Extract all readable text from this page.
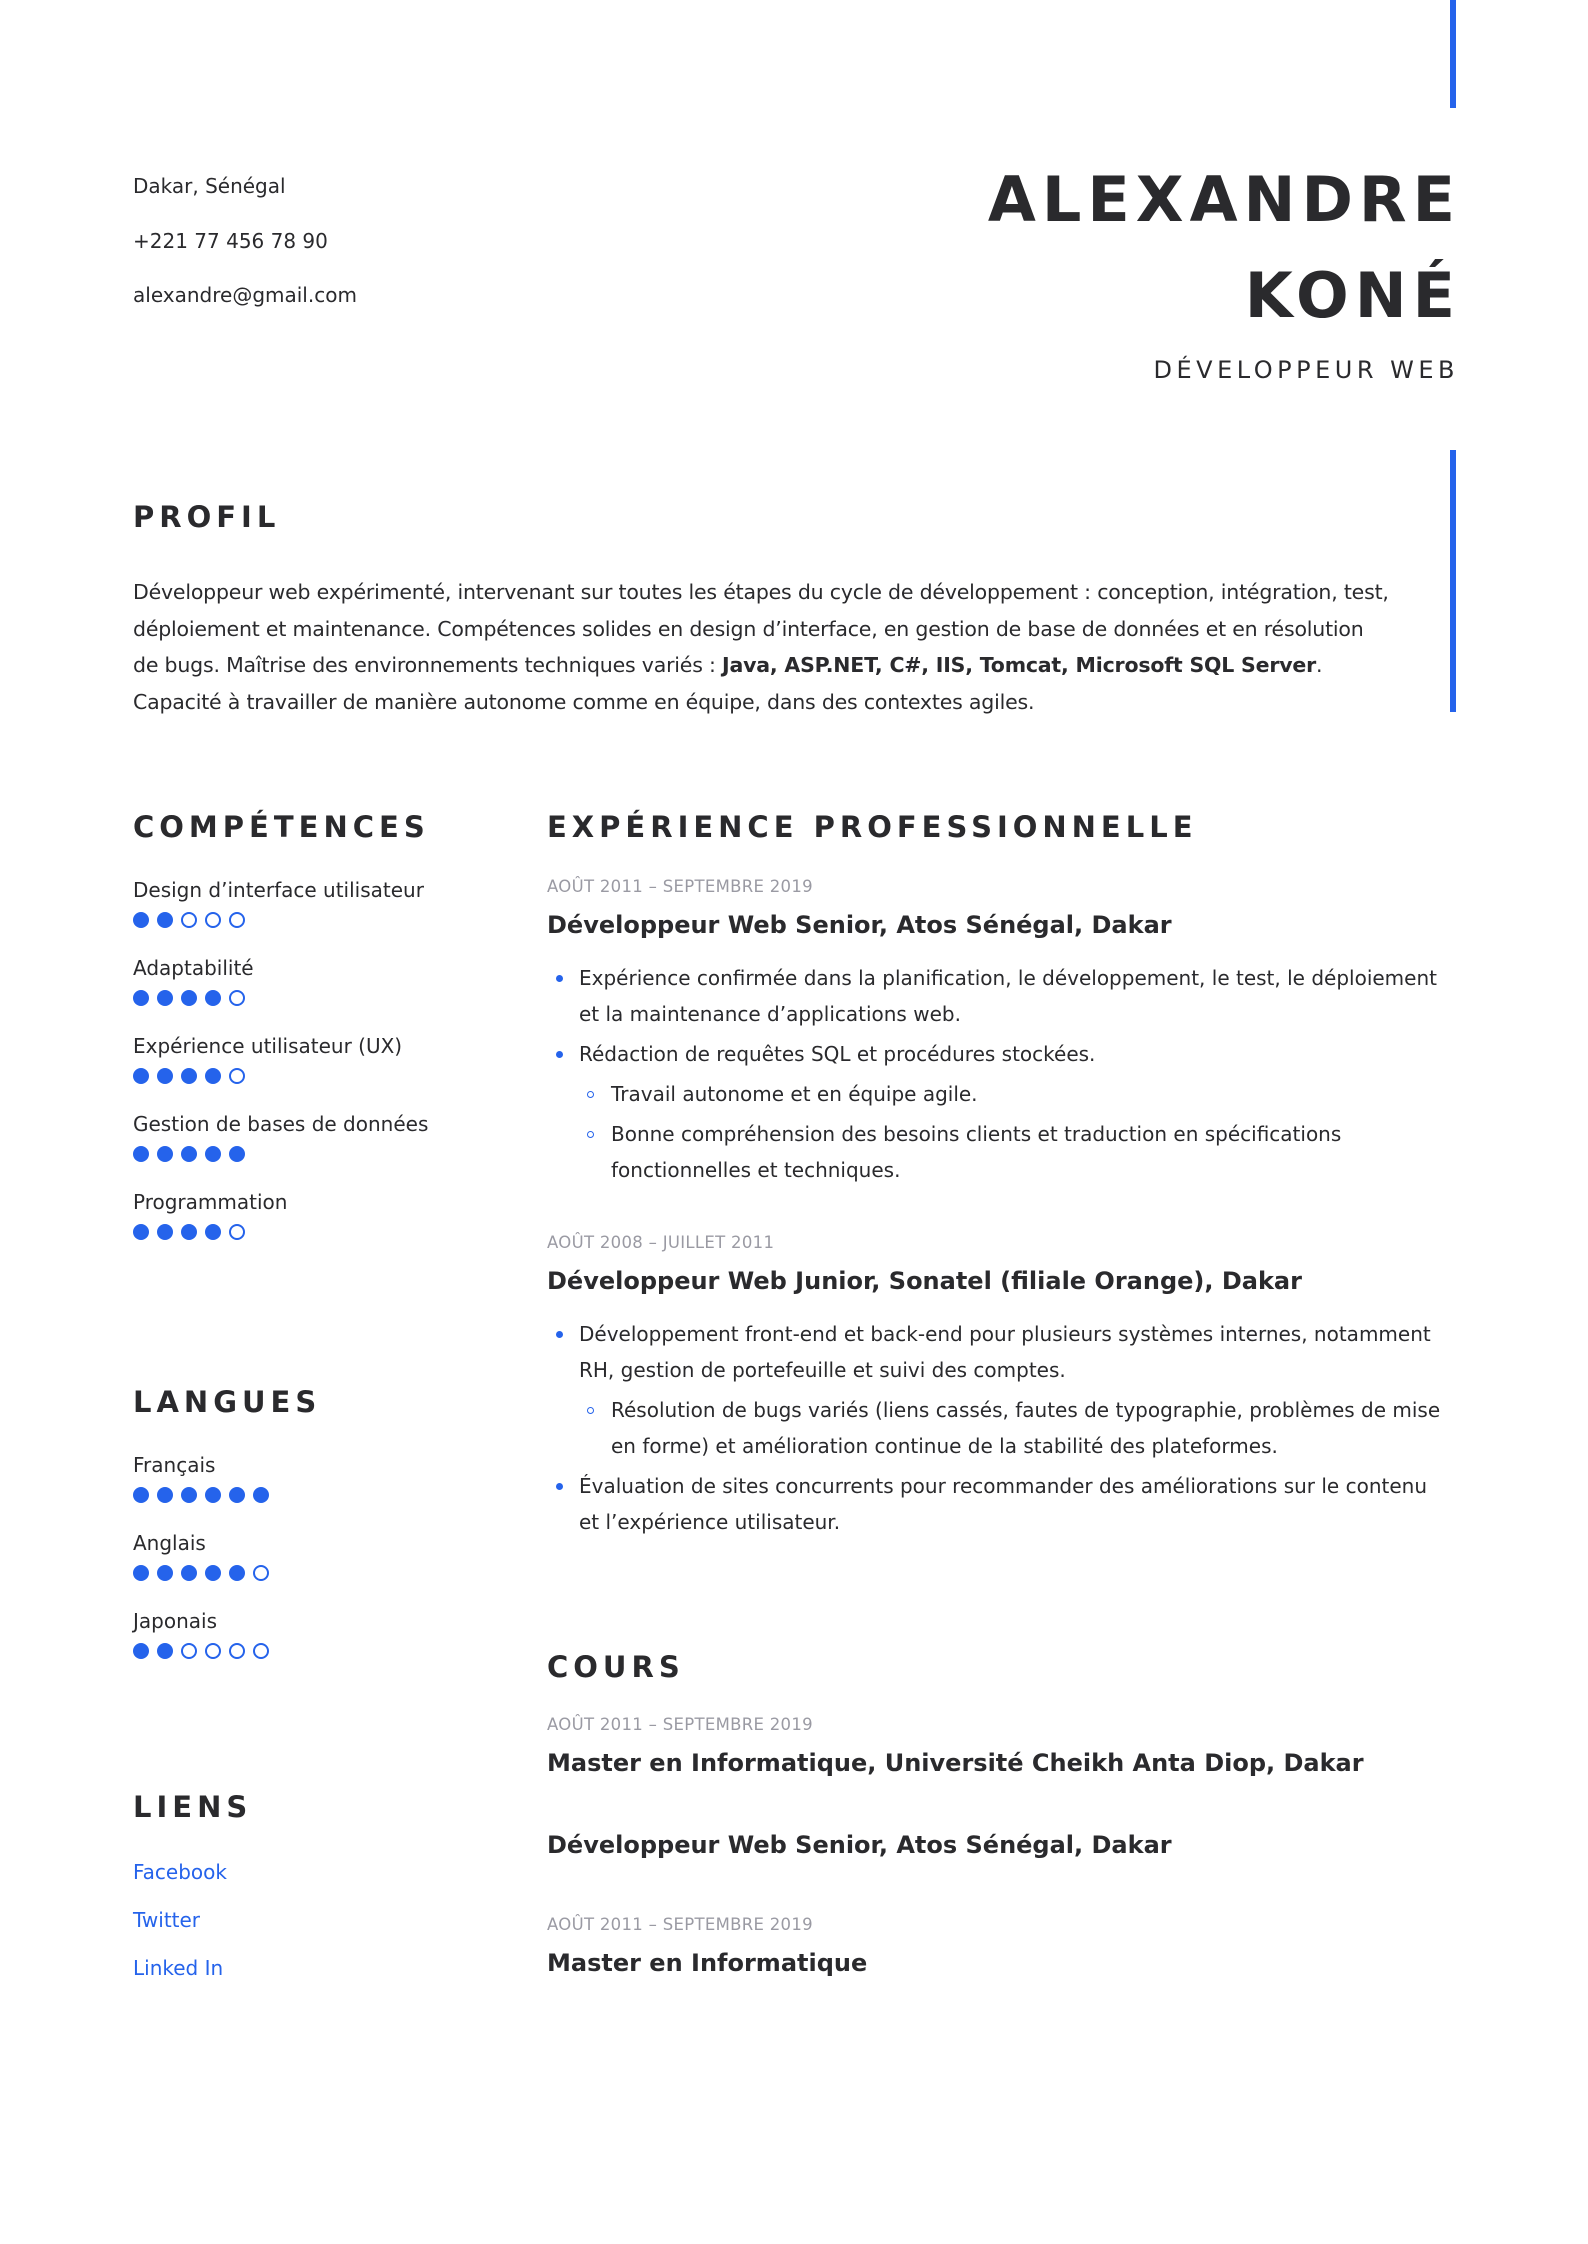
Dakar, Sénégal
+221 77 456 78 90
alexandre@gmail.com
ALEXANDRE
KONÉ
DÉVELOPPEUR WEB
PROFIL

Développeur web expérimenté, intervenant sur toutes les étapes du cycle de développement : conception, intégration, test, déploiement et maintenance. Compétences solides en design d’interface, en gestion de base de données et en résolution de bugs. Maîtrise des environnements techniques variés : Java, ASP.NET, C#, IIS, Tomcat, Microsoft SQL Server. Capacité à travailler de manière autonome comme en équipe, dans des contextes agiles.

COMPÉTENCES
Design d’interface utilisateur
Adaptabilité
Expérience utilisateur (UX)
Gestion de bases de données
Programmation
LANGUES
Français
Anglais
Japonais
LIENS
Facebook
Twitter
Linked In
EXPÉRIENCE PROFESSIONNELLE
AOÛT 2011 – SEPTEMBRE 2019
Développeur Web Senior, Atos Sénégal, Dakar
Expérience confirmée dans la planification, le développement, le test, le déploiement et la maintenance d’applications web.
Rédaction de requêtes SQL et procédures stockées.
Travail autonome et en équipe agile.
Bonne compréhension des besoins clients et traduction en spécifications fonctionnelles et techniques.
AOÛT 2008 – JUILLET 2011
Développeur Web Junior, Sonatel (filiale Orange), Dakar
Développement front-end et back-end pour plusieurs systèmes internes, notamment RH, gestion de portefeuille et suivi des comptes.
Résolution de bugs variés (liens cassés, fautes de typographie, problèmes de mise en forme) et amélioration continue de la stabilité des plateformes.
Évaluation de sites concurrents pour recommander des améliorations sur le contenu et l’expérience utilisateur.
COURS
AOÛT 2011 – SEPTEMBRE 2019
Master en Informatique, Université Cheikh Anta Diop, Dakar
Développeur Web Senior, Atos Sénégal, Dakar
AOÛT 2011 – SEPTEMBRE 2019
Master en Informatique
